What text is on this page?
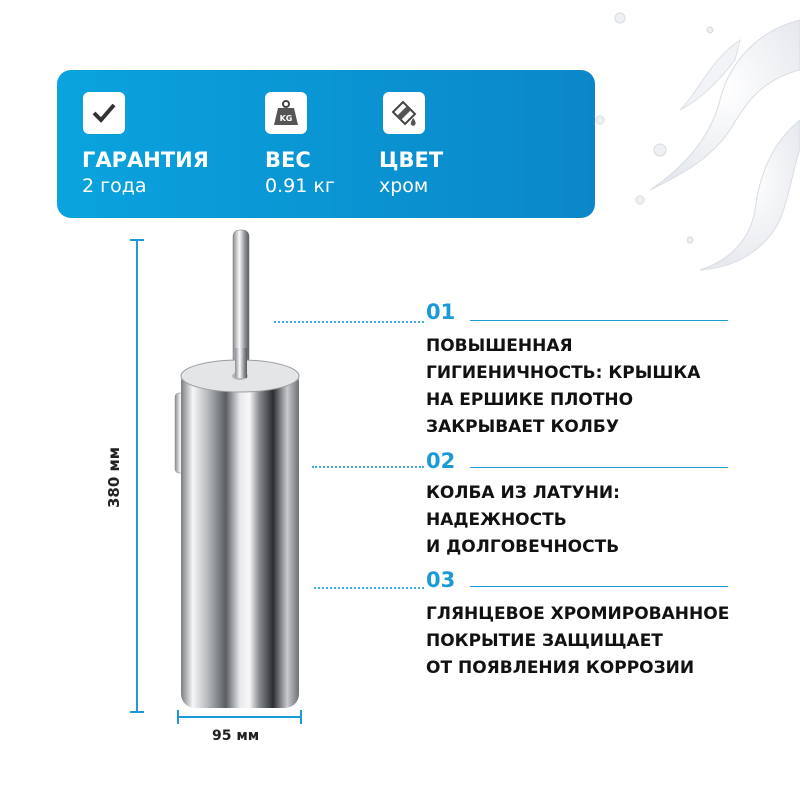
ГАРАНТИЯ
2 года
KG
ВЕС
0.91 кг
ЦВЕТ
хром
380 мм
95 мм
01
ПОВЫШЕННАЯ
ГИГИЕНИЧНОСТЬ: КРЫШКА
НА ЕРШИКЕ ПЛОТНО
ЗАКРЫВАЕТ КОЛБУ
02
КОЛБА ИЗ ЛАТУНИ:
НАДЕЖНОСТЬ
И ДОЛГОВЕЧНОСТЬ
03
ГЛЯНЦЕВОЕ ХРОМИРОВАННОЕ
ПОКРЫТИЕ ЗАЩИЩАЕТ
ОТ ПОЯВЛЕНИЯ КОРРОЗИИ
